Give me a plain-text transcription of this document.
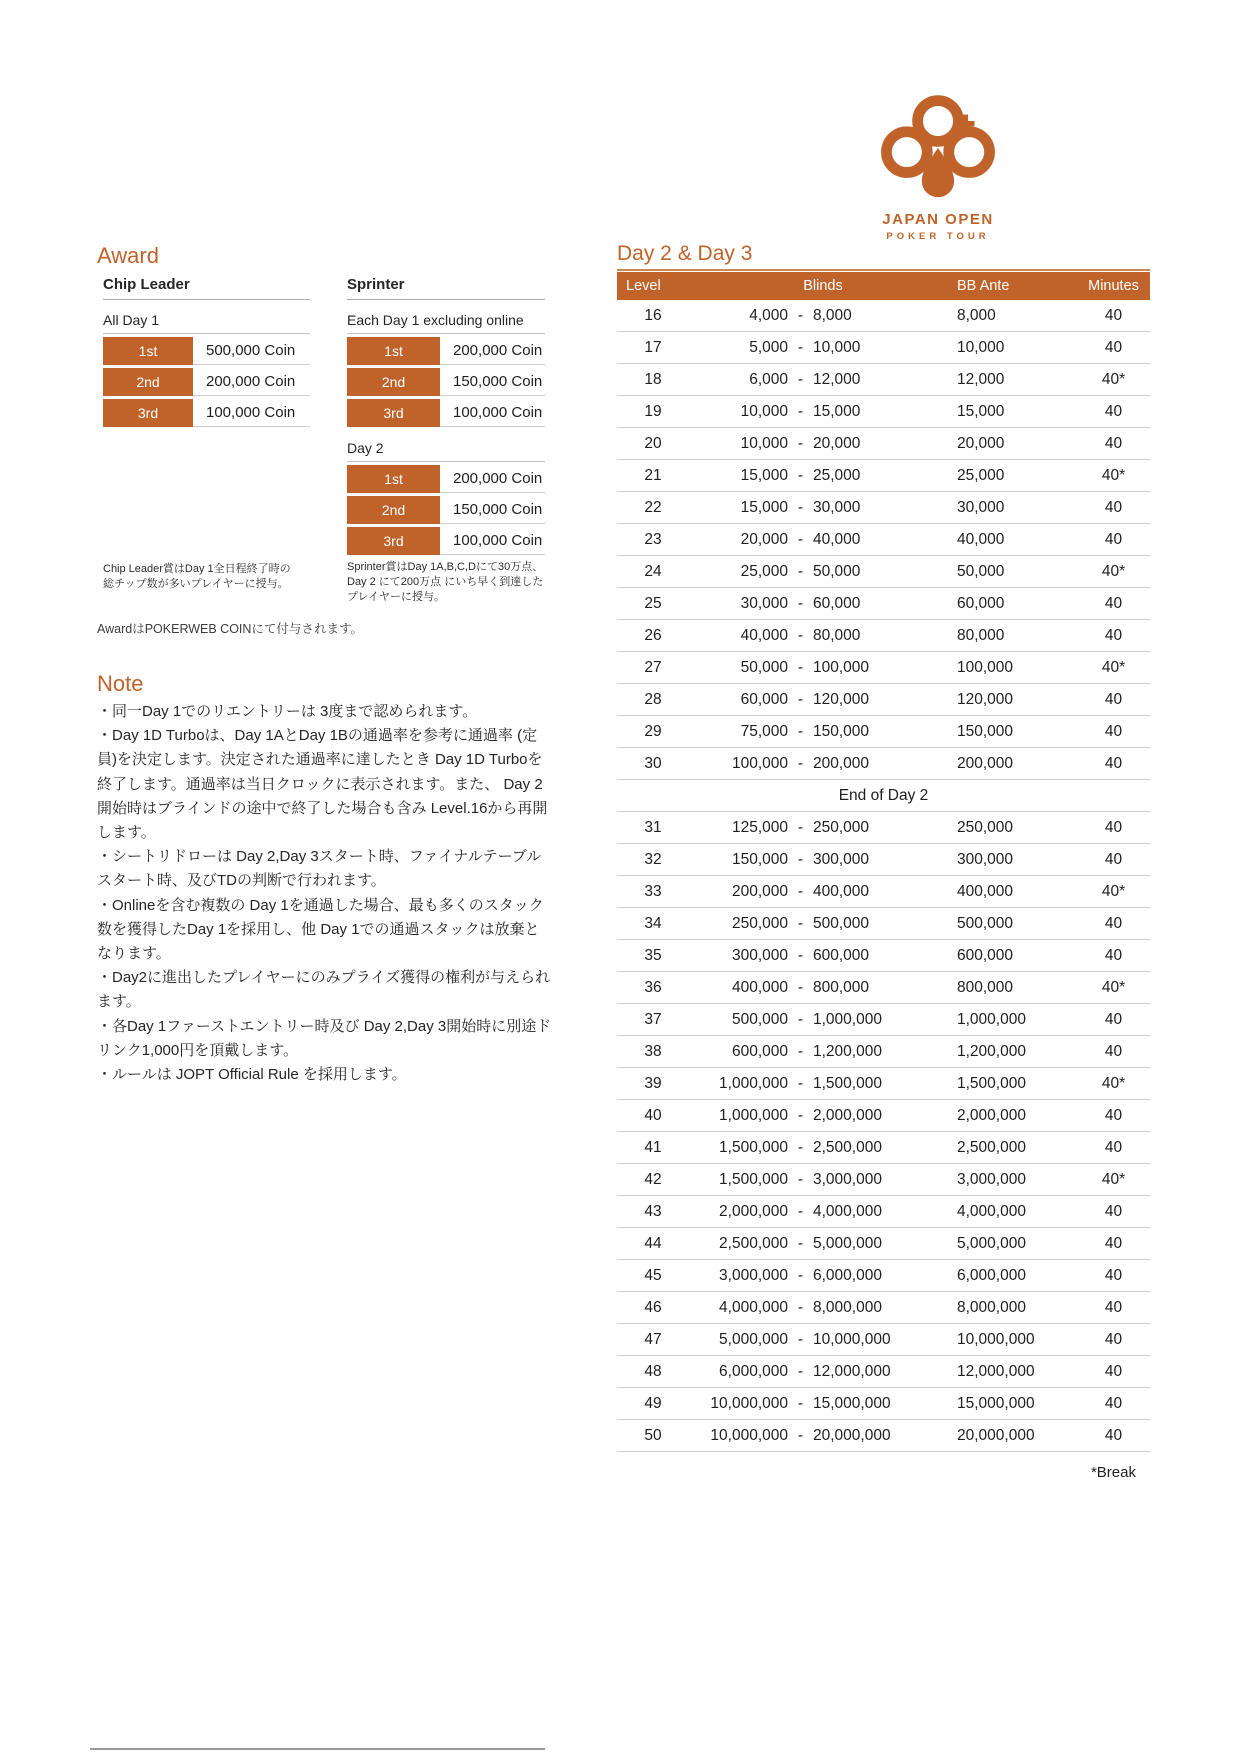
JAPAN OPEN
POKER TOUR
Award
Chip Leader
All Day 1
1st	500,000 Coin
2nd	200,000 Coin
3rd	100,000 Coin
Chip Leader賞はDay 1全日程終了時の総チップ数が多いプレイヤーに授与。
Sprinter
Each Day 1 excluding online
1st	200,000 Coin
2nd	150,000 Coin
3rd	100,000 Coin
Day 2
1st	200,000 Coin
2nd	150,000 Coin
3rd	100,000 Coin
Sprinter賞はDay 1A,B,C,Dにて30万点、Day 2 にて200万点 にいち早く到達したプレイヤーに授与。
AwardはPOKERWEB COINにて付与されます。
Note

・同一Day 1でのリエントリーは 3度まで認められます。

・Day 1D Turboは、Day 1AとDay 1Bの通過率を参考に通過率 (定員)を決定します。決定された通過率に達したとき Day 1D Turboを終了します。通過率は当日クロックに表示されます。また、 Day 2開始時はブラインドの途中で終了した場合も含み Level.16から再開します。

・シートリドローは Day 2,Day 3スタート時、ファイナルテーブルスタート時、及びTDの判断で行われます。

・Onlineを含む複数の Day 1を通過した場合、最も多くのスタック数を獲得したDay 1を採用し、他 Day 1での通過スタックは放棄となります。

・Day2に進出したプレイヤーにのみプライズ獲得の権利が与えられます。

・各Day 1ファーストエントリー時及び Day 2,Day 3開始時に別途ドリンク1,000円を頂戴します。

・ルールは JOPT Official Rule を採用します。

Day 2 & Day 3
Level	Blinds	BB Ante	Minutes
16	4,000 - 8,000	8,000	40
17	5,000 - 10,000	10,000	40
18	6,000 - 12,000	12,000	40*
19	10,000 - 15,000	15,000	40
20	10,000 - 20,000	20,000	40
21	15,000 - 25,000	25,000	40*
22	15,000 - 30,000	30,000	40
23	20,000 - 40,000	40,000	40
24	25,000 - 50,000	50,000	40*
25	30,000 - 60,000	60,000	40
26	40,000 - 80,000	80,000	40
27	50,000 - 100,000	100,000	40*
28	60,000 - 120,000	120,000	40
29	75,000 - 150,000	150,000	40
30	100,000 - 200,000	200,000	40
End of Day 2
31	125,000 - 250,000	250,000	40
32	150,000 - 300,000	300,000	40
33	200,000 - 400,000	400,000	40*
34	250,000 - 500,000	500,000	40
35	300,000 - 600,000	600,000	40
36	400,000 - 800,000	800,000	40*
37	500,000 - 1,000,000	1,000,000	40
38	600,000 - 1,200,000	1,200,000	40
39	1,000,000 - 1,500,000	1,500,000	40*
40	1,000,000 - 2,000,000	2,000,000	40
41	1,500,000 - 2,500,000	2,500,000	40
42	1,500,000 - 3,000,000	3,000,000	40*
43	2,000,000 - 4,000,000	4,000,000	40
44	2,500,000 - 5,000,000	5,000,000	40
45	3,000,000 - 6,000,000	6,000,000	40
46	4,000,000 - 8,000,000	8,000,000	40
47	5,000,000 - 10,000,000	10,000,000	40
48	6,000,000 - 12,000,000	12,000,000	40
49	10,000,000 - 15,000,000	15,000,000	40
50	10,000,000 - 20,000,000	20,000,000	40
*Break
